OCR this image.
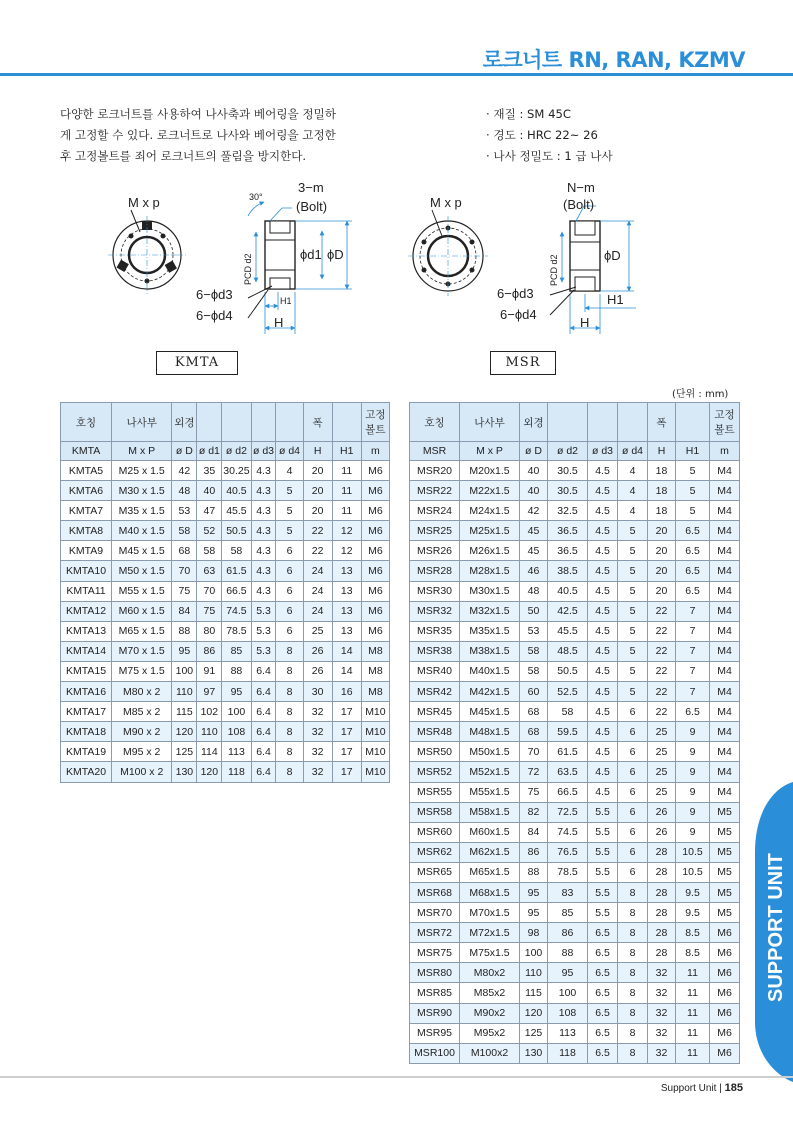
로크너트 RN, RAN, KZMV
다양한 로크너트를 사용하여 나사축과 베어링을 정밀하
게 고정할 수 있다. 로크너트로 나사와 베어링을 고정한
후 고정볼트를 죄어 로크너트의 풀림을 방지한다.
· 재질 : SM 45C
· 경도 : HRC 22~ 26
· 나사 정밀도 : 1 급 나사
M x p	30°
3−m
(Bolt)
PCD d2	ϕd1 ϕD
6−ϕd3
6−ϕd4
H1
H
M x p
N−m
(Bolt)
PCD d2	ϕD
6−ϕd3
6−ϕd4
H1
H
KMTA	MSR
(단위 : mm)
호칭	나사부	외경					폭		고정
볼트
KMTA	M x P	ø D	ø d1	ø d2	ø d3	ø d4	H	H1	m
KMTA5	M25 x 1.5	42	35	30.25	4.3	4	20	11	M6
KMTA6	M30 x 1.5	48	40	40.5	4.3	5	20	11	M6
KMTA7	M35 x 1.5	53	47	45.5	4.3	5	20	11	M6
KMTA8	M40 x 1.5	58	52	50.5	4.3	5	22	12	M6
KMTA9	M45 x 1.5	68	58	58	4.3	6	22	12	M6
KMTA10	M50 x 1.5	70	63	61.5	4.3	6	24	13	M6
KMTA11	M55 x 1.5	75	70	66.5	4.3	6	24	13	M6
KMTA12	M60 x 1.5	84	75	74.5	5.3	6	24	13	M6
KMTA13	M65 x 1.5	88	80	78.5	5.3	6	25	13	M6
KMTA14	M70 x 1.5	95	86	85	5.3	8	26	14	M8
KMTA15	M75 x 1.5	100	91	88	6.4	8	26	14	M8
KMTA16	M80 x 2	110	97	95	6.4	8	30	16	M8
KMTA17	M85 x 2	115	102	100	6.4	8	32	17	M10
KMTA18	M90 x 2	120	110	108	6.4	8	32	17	M10
KMTA19	M95 x 2	125	114	113	6.4	8	32	17	M10
KMTA20	M100 x 2	130	120	118	6.4	8	32	17	M10
호칭	나사부	외경				폭		고정
볼트
MSR	M x P	ø D	ø d2	ø d3	ø d4	H	H1	m
MSR20	M20x1.5	40	30.5	4.5	4	18	5	M4
MSR22	M22x1.5	40	30.5	4.5	4	18	5	M4
MSR24	M24x1.5	42	32.5	4.5	4	18	5	M4
MSR25	M25x1.5	45	36.5	4.5	5	20	6.5	M4
MSR26	M26x1.5	45	36.5	4.5	5	20	6.5	M4
MSR28	M28x1.5	46	38.5	4.5	5	20	6.5	M4
MSR30	M30x1.5	48	40.5	4.5	5	20	6.5	M4
MSR32	M32x1.5	50	42.5	4.5	5	22	7	M4
MSR35	M35x1.5	53	45.5	4.5	5	22	7	M4
MSR38	M38x1.5	58	48.5	4.5	5	22	7	M4
MSR40	M40x1.5	58	50.5	4.5	5	22	7	M4
MSR42	M42x1.5	60	52.5	4.5	5	22	7	M4
MSR45	M45x1.5	68	58	4.5	6	22	6.5	M4
MSR48	M48x1.5	68	59.5	4.5	6	25	9	M4
MSR50	M50x1.5	70	61.5	4.5	6	25	9	M4
MSR52	M52x1.5	72	63.5	4.5	6	25	9	M4
MSR55	M55x1.5	75	66.5	4.5	6	25	9	M4
MSR58	M58x1.5	82	72.5	5.5	6	26	9	M5
MSR60	M60x1.5	84	74.5	5.5	6	26	9	M5
MSR62	M62x1.5	86	76.5	5.5	6	28	10.5	M5
MSR65	M65x1.5	88	78.5	5.5	6	28	10.5	M5
MSR68	M68x1.5	95	83	5.5	8	28	9.5	M5
MSR70	M70x1.5	95	85	5.5	8	28	9.5	M5
MSR72	M72x1.5	98	86	6.5	8	28	8.5	M6
MSR75	M75x1.5	100	88	6.5	8	28	8.5	M6
MSR80	M80x2	110	95	6.5	8	32	11	M6
MSR85	M85x2	115	100	6.5	8	32	11	M6
MSR90	M90x2	120	108	6.5	8	32	11	M6
MSR95	M95x2	125	113	6.5	8	32	11	M6
MSR100	M100x2	130	118	6.5	8	32	11	M6
SUPPORT UNIT
Support Unit | 185
